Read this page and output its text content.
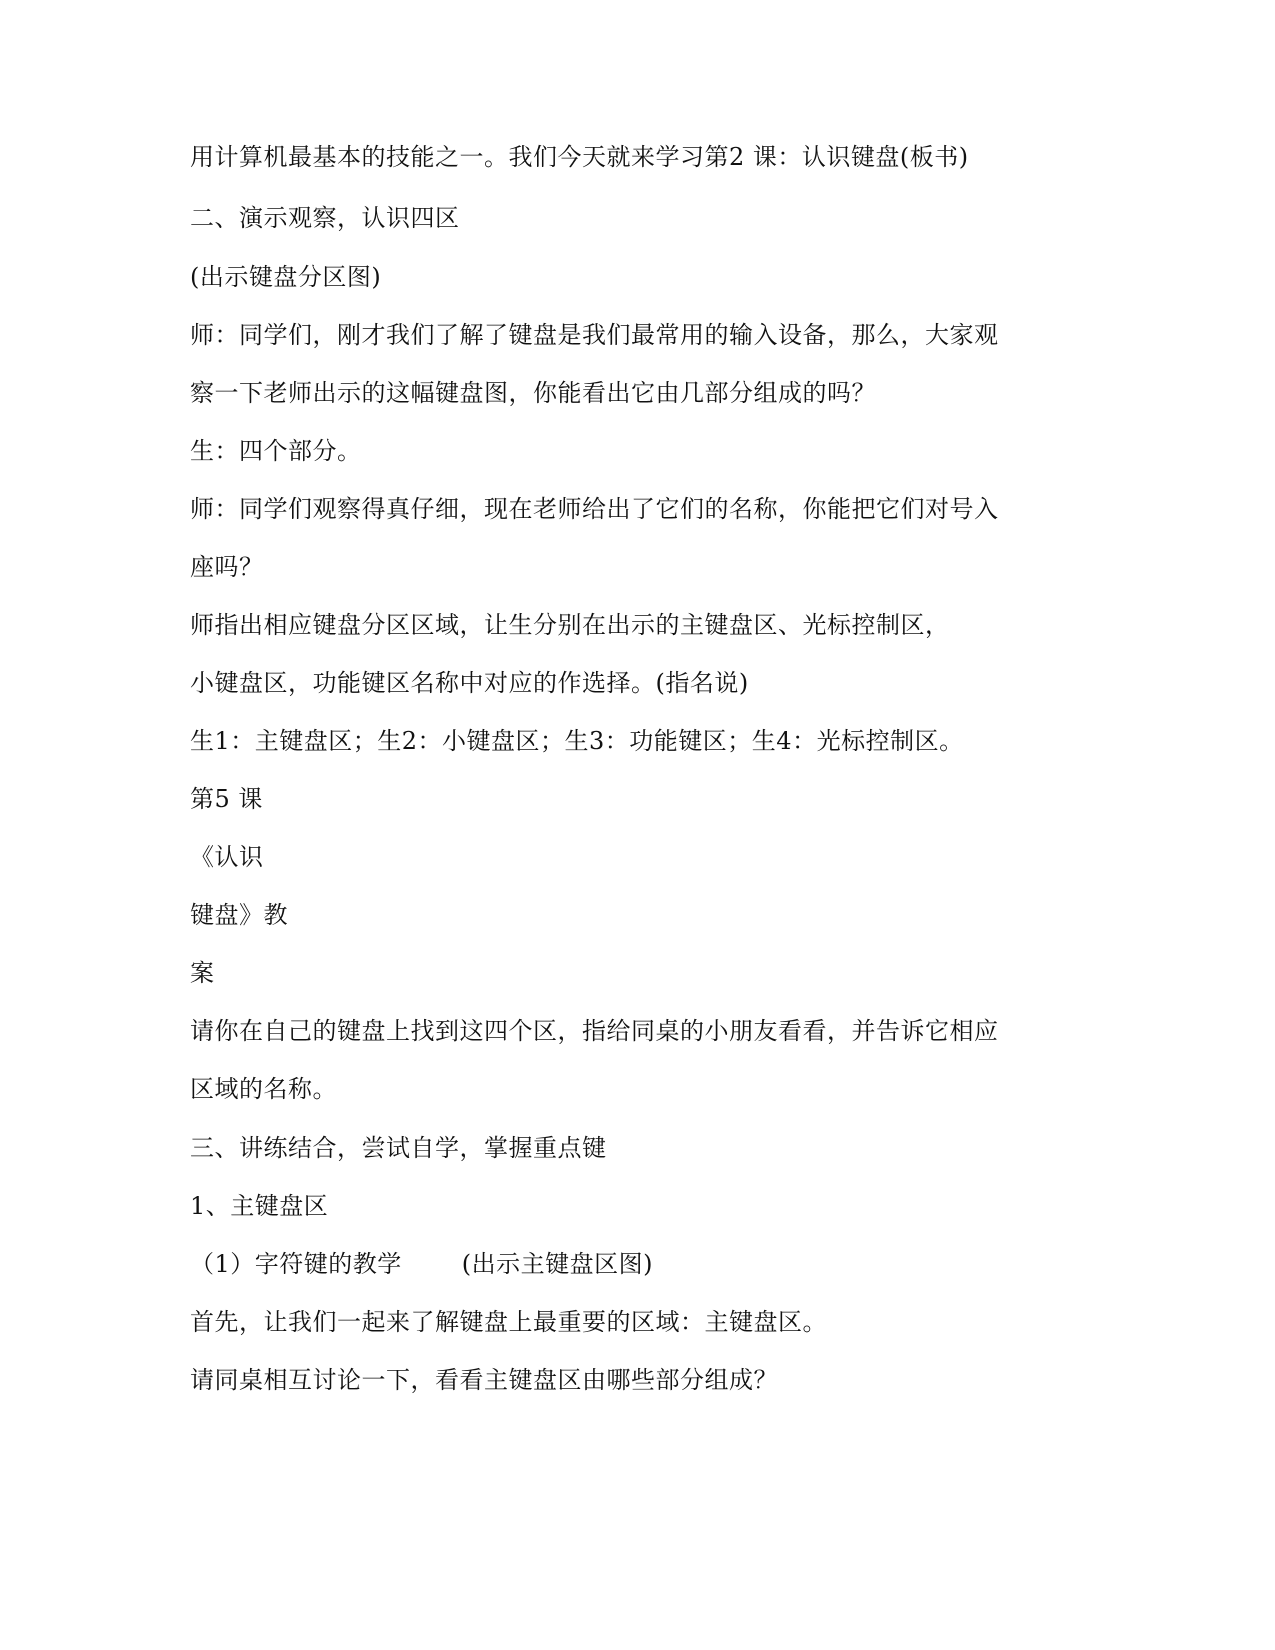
用计算机最基本的技能之一。我们今天就来学习第2 课：认识键盘(板书)

二、演示观察，认识四区

(出示键盘分区图)

师：同学们，刚才我们了解了键盘是我们最常用的输入设备，那么，大家观

察一下老师出示的这幅键盘图，你能看出它由几部分组成的吗？

生：四个部分。

师：同学们观察得真仔细，现在老师给出了它们的名称，你能把它们对号入

座吗？

师指出相应键盘分区区域，让生分别在出示的主键盘区、光标控制区，

小键盘区，功能键区名称中对应的作选择。(指名说)

生1：主键盘区；生2：小键盘区；生3：功能键区；生4：光标控制区。

第5 课

《认识

键盘》教

案

请你在自己的键盘上找到这四个区，指给同桌的小朋友看看，并告诉它相应

区域的名称。

三、讲练结合，尝试自学，掌握重点键

1、主键盘区

（1）字符键的教学	(出示主键盘区图)

首先，让我们一起来了解键盘上最重要的区域：主键盘区。

请同桌相互讨论一下，看看主键盘区由哪些部分组成？
